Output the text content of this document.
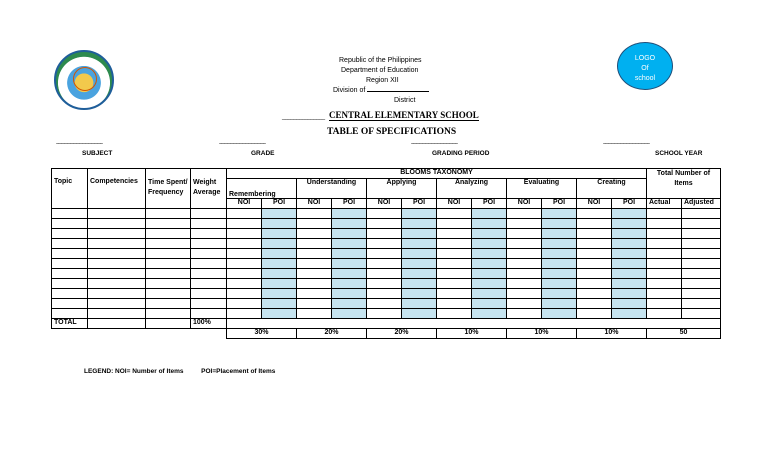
LOGO
Of
school
Republic of the Philippines
Department of Education
Region XII
Division of
District
_______________ CENTRAL ELEMENTARY SCHOOL
TABLE OF SPECIFICATIONS
-------------------------------
SUBJECT
-------------------------------
GRADE
-------------------------------
GRADING PERIOD
-------------------------------
SCHOOL YEAR
Topic	Competencies	Time Spent/ Frequency	Weight Average	BLOOMS TAXONOMY												Total Number of Items	
				Remembering		Understanding		Applying		Analyzing		Evaluating		Creating			
				NOI	POI	NOI	POI	NOI	POI	NOI	POI	NOI	POI	NOI	POI	Actual	Adjusted

TOTAL			100%														
				30%		20%		20%		10%		10%		10%		50	
LEGEND: NOI= Number of Items	POI=Placement of Items
